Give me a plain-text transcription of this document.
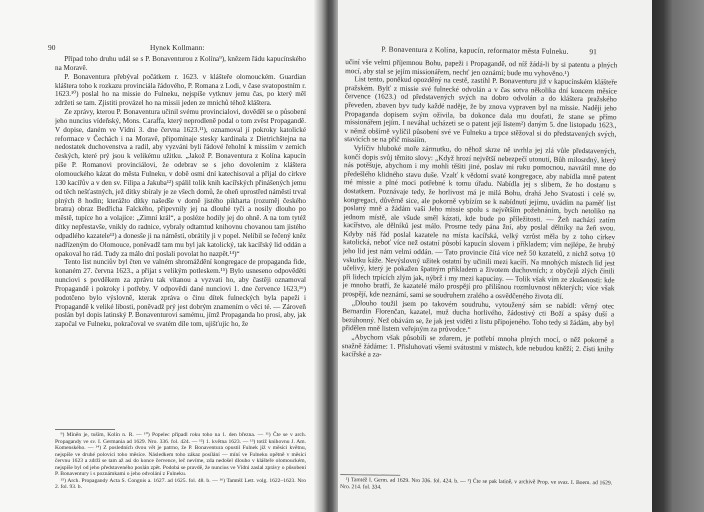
90	Hynek Kollmann:

Případ toho druhu udál se s P. Bonaventurou z Kolína⁹), knězem řádu kapucínského na Moravě.

P. Bonaventura přebýval počátkem r. 1623. v klášteře olomouckém. Guardian kláštera toho k rozkazu provinciála řádového, P. Romana z Lodi, v čase svatopostním r. 1623.¹⁰) poslal ho na missie do Fulneku, nejspíše vytknuv jemu čas, po který měl zdržeti se tam. Zjistiti provázel ho na missii jeden ze mnichů téhož kláštera.

Ze zprávy, kterou P. Bonaventura učinil svému provincialovi, dověděl se o působení jeho nuncius vídeňský, Mons. Caraffa, který neprodleně podal o tom zvěst Propagandě. V dopise, daném ve Vídni 3. dne června 1623.¹¹), oznamoval jí pokroky katolické reformace v Čechách i na Moravě, připomínaje stesky kardinala z Dietrichštejna na nedostatek duchovenstva a radil, aby vyzváni byli řádové řeholní k missiím v zemích českých, které prý jsou k velikému užitku. „Jakož P. Bonaventura z Kolína kapucín píše P. Romanovi provinciálovi, že odebrav se s jeho dovolením z kláštera olomouckého kázat do města Fulneku, v době osmi dní katechisoval a přijal do církve 130 kacířův a v den sv. Filipa a Jakuba¹²) spálil tolik knih kacířských přinášených jemu od těch nešťastných, jež dítky sbíraly je ze všech domů, že oheň uprostřed náměstí trval plných 8 hodin; kterážto dítky našedše v domě jistého pikharta (rozuměj českého bratra) obraz Bedřicha Falckého, připevnily jej na dlouhé tyči a nosily dlouho po městě, tupíce ho a volajíce: „Zimní král“, a posléze hodily jej do ohně. A na tom tytéž dítky nepřestavše, vnikly do radnice, vybraly odtamtud knihovnu chovanou tam jistého odpadlého kazatele¹³) a donesše ji na náměstí, obrátily ji v popel. Nelíbil se řečený kněz nadřízeným do Olomouce, poněvadž tam mu byl jak katolický, tak kacířský lid oddán a opakoval ho rád. Tudy za málo dní poslali povolat ho nazpět.¹⁴)“

Tento list nunciův byl čten ve valném shromáždění kongregace de propaganda fide, konaném 27. června 1623., a přijat s velikým potleskem.¹⁵) Bylo usneseno odpověděti nunciovi s povděkem za zprávu tak vítanou a vyzvati ho, aby častěji oznamoval Propagandě i pokroky i potřeby. V odpovědi dané nunciovi 1. dne července 1623,¹⁶) podotčeno bylo výslovně, kterak zpráva o činu dítek fulneckých byla papeži i Propagandě k veliké libosti, poněvadž prý jest dobrým znamením o věci té. — Zároveň poslán byl dopis latinský P. Bonaventurovi samému, jímž Propaganda ho prosí, aby, jak započal ve Fulneku, pokračoval ve svatém díle tom, ujišťujíc ho, že

⁹) Míněn je, tuším, Kolín n. R. — ¹⁰) Popelec připadl roku toho na 1. den března. — ¹¹) Čte se v arch. Propagandy ve sv. I. Germania ad 1629. Nro. 336. fol. 424. — ¹²) 1. května 1623. — ¹³) totiž knihovnu J. Am. Komenského. — ¹⁴) Z posledních dvou vět je patrno, že P. Bonaventura opustil Fulnek již v měsíci květnu, nejspíše ve druhé polovici toho měsíce. Následkem toho zákaz posílání — míní ve Fulneku opětně v měsíci červnu 1623 a zdrží se tam až asi do konce července, leč nevíme, zda nedošel dlouho v klášteře olomouckém, nejspíše byl od jeho představeného poslán zpět. Podobá se pravdě, že nuncius ve Vídni zaslal zprávy o působení P. Bonaventury i s poznámkami o jeho odvolání z Fulneku.

¹⁵) Arch. Propagandy Acta S. Congnis a. 1627. ad 1625. fol. 48. b. — ¹⁶) Tamtéž Lett. volg. 1622–1623. Nro 2. fol. 93. b.

P. Bonaventura z Kolína, kapucín, reformator města Fulneku.	91

učiní vše velmi příjemnou Bohu, papeži i Propagandě, od níž žádá-li by si patentu a plných mocí, aby stal se jejím missionářem, nechť jen oznámí; bude mu vyhověno.¹)

List tento, poněkud opozděný na cestě, zastihl P. Bonaventuru již v kapucínském klášteře pražském. Bylť z missie své fulnecké odvolán a v čas sotva několika dní koncem měsíce července (1623.) od představených svých na dobro odvolán a do kláštera pražského převeden, zbaven byv tudy každé naděje, že by znova vypraven byl na missie. Naději jeho Propaganda dopisem svým oživila, ba dokonce dala mu doufati, že stane se přímo missionářem jejím. I neváhal ucházeti se o patent její listem²) daným 5. dne listopadu 1623., v němž obšírně vylíčil působení své ve Fulneku a trpce stěžoval si do představených svých, stavících se na příč missiím.

Vylíčiv hluboké moře zármutku, do něhož skrze ně uvrhla jej zlá vůle představených, končí dopis svůj těmito slovy: „Když hrozí největší nebezpečí utonutí, Bůh milosrdný, který nás potěšuje, abychom i my mohli těšiti jiné, poslav mi ruku pomocnou, navrátil mne do předešlého klidného stavu duše. Vzalť k vědomí svaté kongregace, aby nabídla mně patent mé missie a plné moci potřebné k tomu úřadu. Nabídla jej s slibem, že ho dostanu s dostatkem. Poznávaje tedy, že horlivost má je milá Bohu, drahá Jeho Svatosti i celé sv. kongregaci, důvěrně sice, ale pokorně vybízím se k nabídnutí jejímu, uvádím na paměť list poslaný mně a žádám vaši Jeho missie spolu s největším požehnáním, bych netoliko na jednom místě, ale všude směl kázati, kde bude po příležitosti. — Žeň nachází zatím kacířstvo, ale dělníků jest málo. Prosme tedy pána žní, aby poslal dělníky na žeň svou. Kdyby náš řád poslal kazatele na místa kacířská, velký vzrůst měla by z toho církev katolická, neboť více než ostatní působí kapucín slovem i příkladem; vím nejlépe, že hrubý jeho lid jest nám velmi oddán. — Tato provincie čítá více než 50 kazatelů, z nichž sotva 10 vskutku káže. Nevýslovný užitek ostatní by učinili mezi kacíři. Na mnohých místech lid jest učelivý, který je pokažen špatným příkladem a životem duchovních; z obyčejů zlých činili při lidech trpících zlým jak, nýbrž i my mezi kapucíny. — Tolik však vím ze zkušenosti: kde je mnoho bratří, že kazatelé málo prospějí pro přílišnou rozmluvnost některých; více však prospějí, kde neznámí, sami se soudruhem zralého a osvědčeného života dlí.

„Dlouho toužil jsem po takovém soudruhu, vytoužený sám se nabídl: věrný otec Bernardin Florenčan, kazatel, muž ducha horlivého, žádostivý cti Boží a spásy duší a bezúhonný. Než obávám se, že jak jest viděti z listu připojeného. Toho tedy si žádám, aby byl přidělen mně listem veřejným za průvodce.“

„Abychom však působili se zdarem, je potřebí mnoha plných mocí, o něž pokorně a snažně žádáme: 1. Přisluhovati všemi svátostmi v místech, kde nebudou kněží; 2. čísti knihy kacířské a za-

¹) Tamtéž I. Germ. ad 1629. Nro 336. fol. 424. b. — ²) Čte se pak latině, v archivě Prop. ve svaz. I. Boem. ad 1629. Nro. 214. fol. 334.
